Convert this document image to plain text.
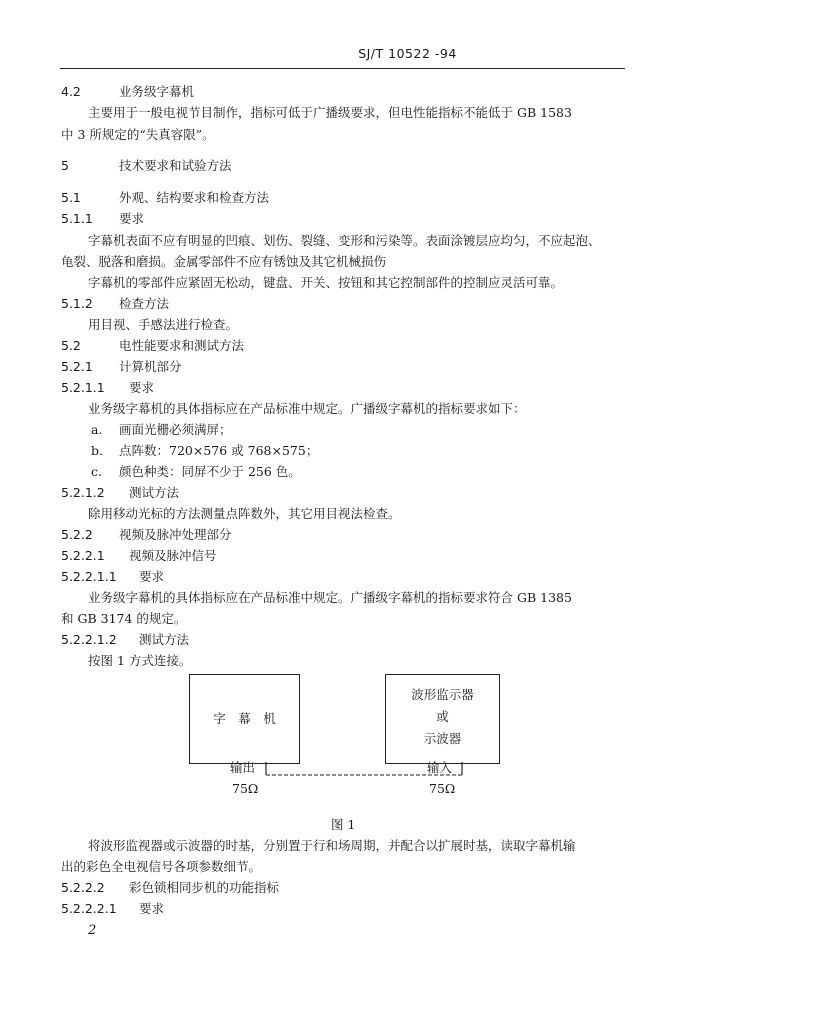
SJ/T 10522 -94
4.2	业务级字幕机
主要用于一般电视节目制作，指标可低于广播级要求，但电性能指标不能低于 GB 1583
中 3 所规定的“失真容限”。
5	技术要求和试验方法
5.1	外观、结构要求和检查方法
5.1.1 要求
字幕机表面不应有明显的凹痕、划伤、裂缝、变形和污染等。表面涂镀层应均匀，不应起泡、
龟裂、脱落和磨损。金属零部件不应有锈蚀及其它机械损伤
字幕机的零部件应紧固无松动，键盘、开关、按钮和其它控制部件的控制应灵活可靠。
5.1.2 检查方法
用目视、手感法进行检查。
5.2	电性能要求和测试方法
5.2.1 计算机部分
5.2.1.1 要求
业务级字幕机的具体指标应在产品标准中规定。广播级字幕机的指标要求如下：
a. 画面光栅必须满屏；
b. 点阵数：720×576 或 768×575；
c. 颜色种类：同屏不少于 256 色。
5.2.1.2 测试方法
除用移动光标的方法测量点阵数外，其它用目视法检查。
5.2.2 视频及脉冲处理部分
5.2.2.1 视频及脉冲信号
5.2.2.1.1 要求
业务级字幕机的具体指标应在产品标准中规定。广播级字幕机的指标要求符合 GB 1385
和 GB 3174 的规定。
5.2.2.1.2 测试方法
按图 1 方式连接。
字　幕　机
波形监示器
或
示波器
输出	输入
75Ω	75Ω
图 1
将波形监视器或示波器的时基，分别置于行和场周期，并配合以扩展时基，读取字幕机输
出的彩色全电视信号各项参数细节。
5.2.2.2 彩色锁相同步机的功能指标
5.2.2.2.1 要求
2
